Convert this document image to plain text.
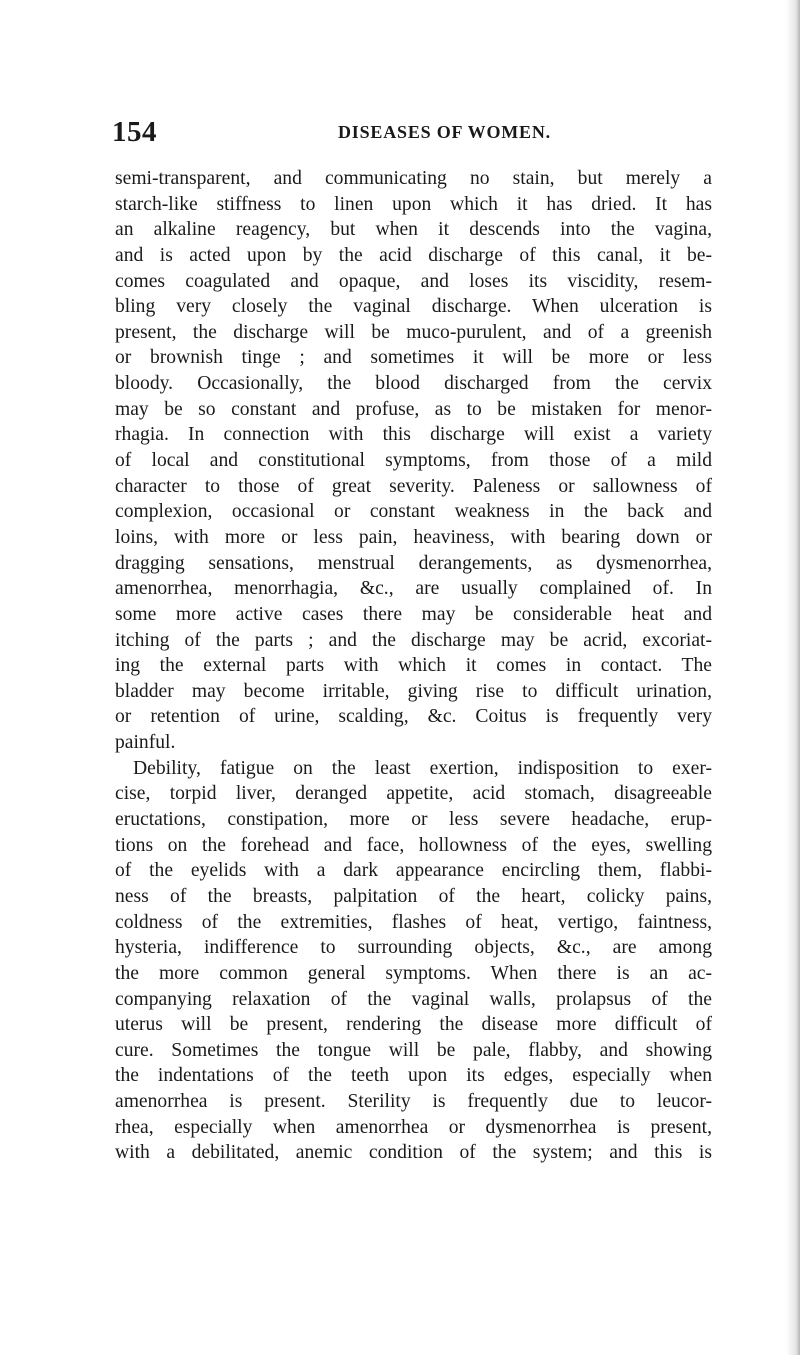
154	DISEASES OF WOMEN.
semi-transparent, and communicating no stain, but merely a
starch-like stiffness to linen upon which it has dried. It has
an alkaline reagency, but when it descends into the vagina,
and is acted upon by the acid discharge of this canal, it be-
comes coagulated and opaque, and loses its viscidity, resem-
bling very closely the vaginal discharge. When ulceration is
present, the discharge will be muco-purulent, and of a greenish
or brownish tinge ; and sometimes it will be more or less
bloody. Occasionally, the blood discharged from the cervix
may be so constant and profuse, as to be mistaken for menor-
rhagia. In connection with this discharge will exist a variety
of local and constitutional symptoms, from those of a mild
character to those of great severity. Paleness or sallowness of
complexion, occasional or constant weakness in the back and
loins, with more or less pain, heaviness, with bearing down or
dragging sensations, menstrual derangements, as dysmenorrhea,
amenorrhea, menorrhagia, &c., are usually complained of. In
some more active cases there may be considerable heat and
itching of the parts ; and the discharge may be acrid, excoriat-
ing the external parts with which it comes in contact. The
bladder may become irritable, giving rise to difficult urination,
or retention of urine, scalding, &c. Coitus is frequently very
painful.
Debility, fatigue on the least exertion, indisposition to exer-
cise, torpid liver, deranged appetite, acid stomach, disagreeable
eructations, constipation, more or less severe headache, erup-
tions on the forehead and face, hollowness of the eyes, swelling
of the eyelids with a dark appearance encircling them, flabbi-
ness of the breasts, palpitation of the heart, colicky pains,
coldness of the extremities, flashes of heat, vertigo, faintness,
hysteria, indifference to surrounding objects, &c., are among
the more common general symptoms. When there is an ac-
companying relaxation of the vaginal walls, prolapsus of the
uterus will be present, rendering the disease more difficult of
cure. Sometimes the tongue will be pale, flabby, and showing
the indentations of the teeth upon its edges, especially when
amenorrhea is present. Sterility is frequently due to leucor-
rhea, especially when amenorrhea or dysmenorrhea is present,
with a debilitated, anemic condition of the system; and this is
